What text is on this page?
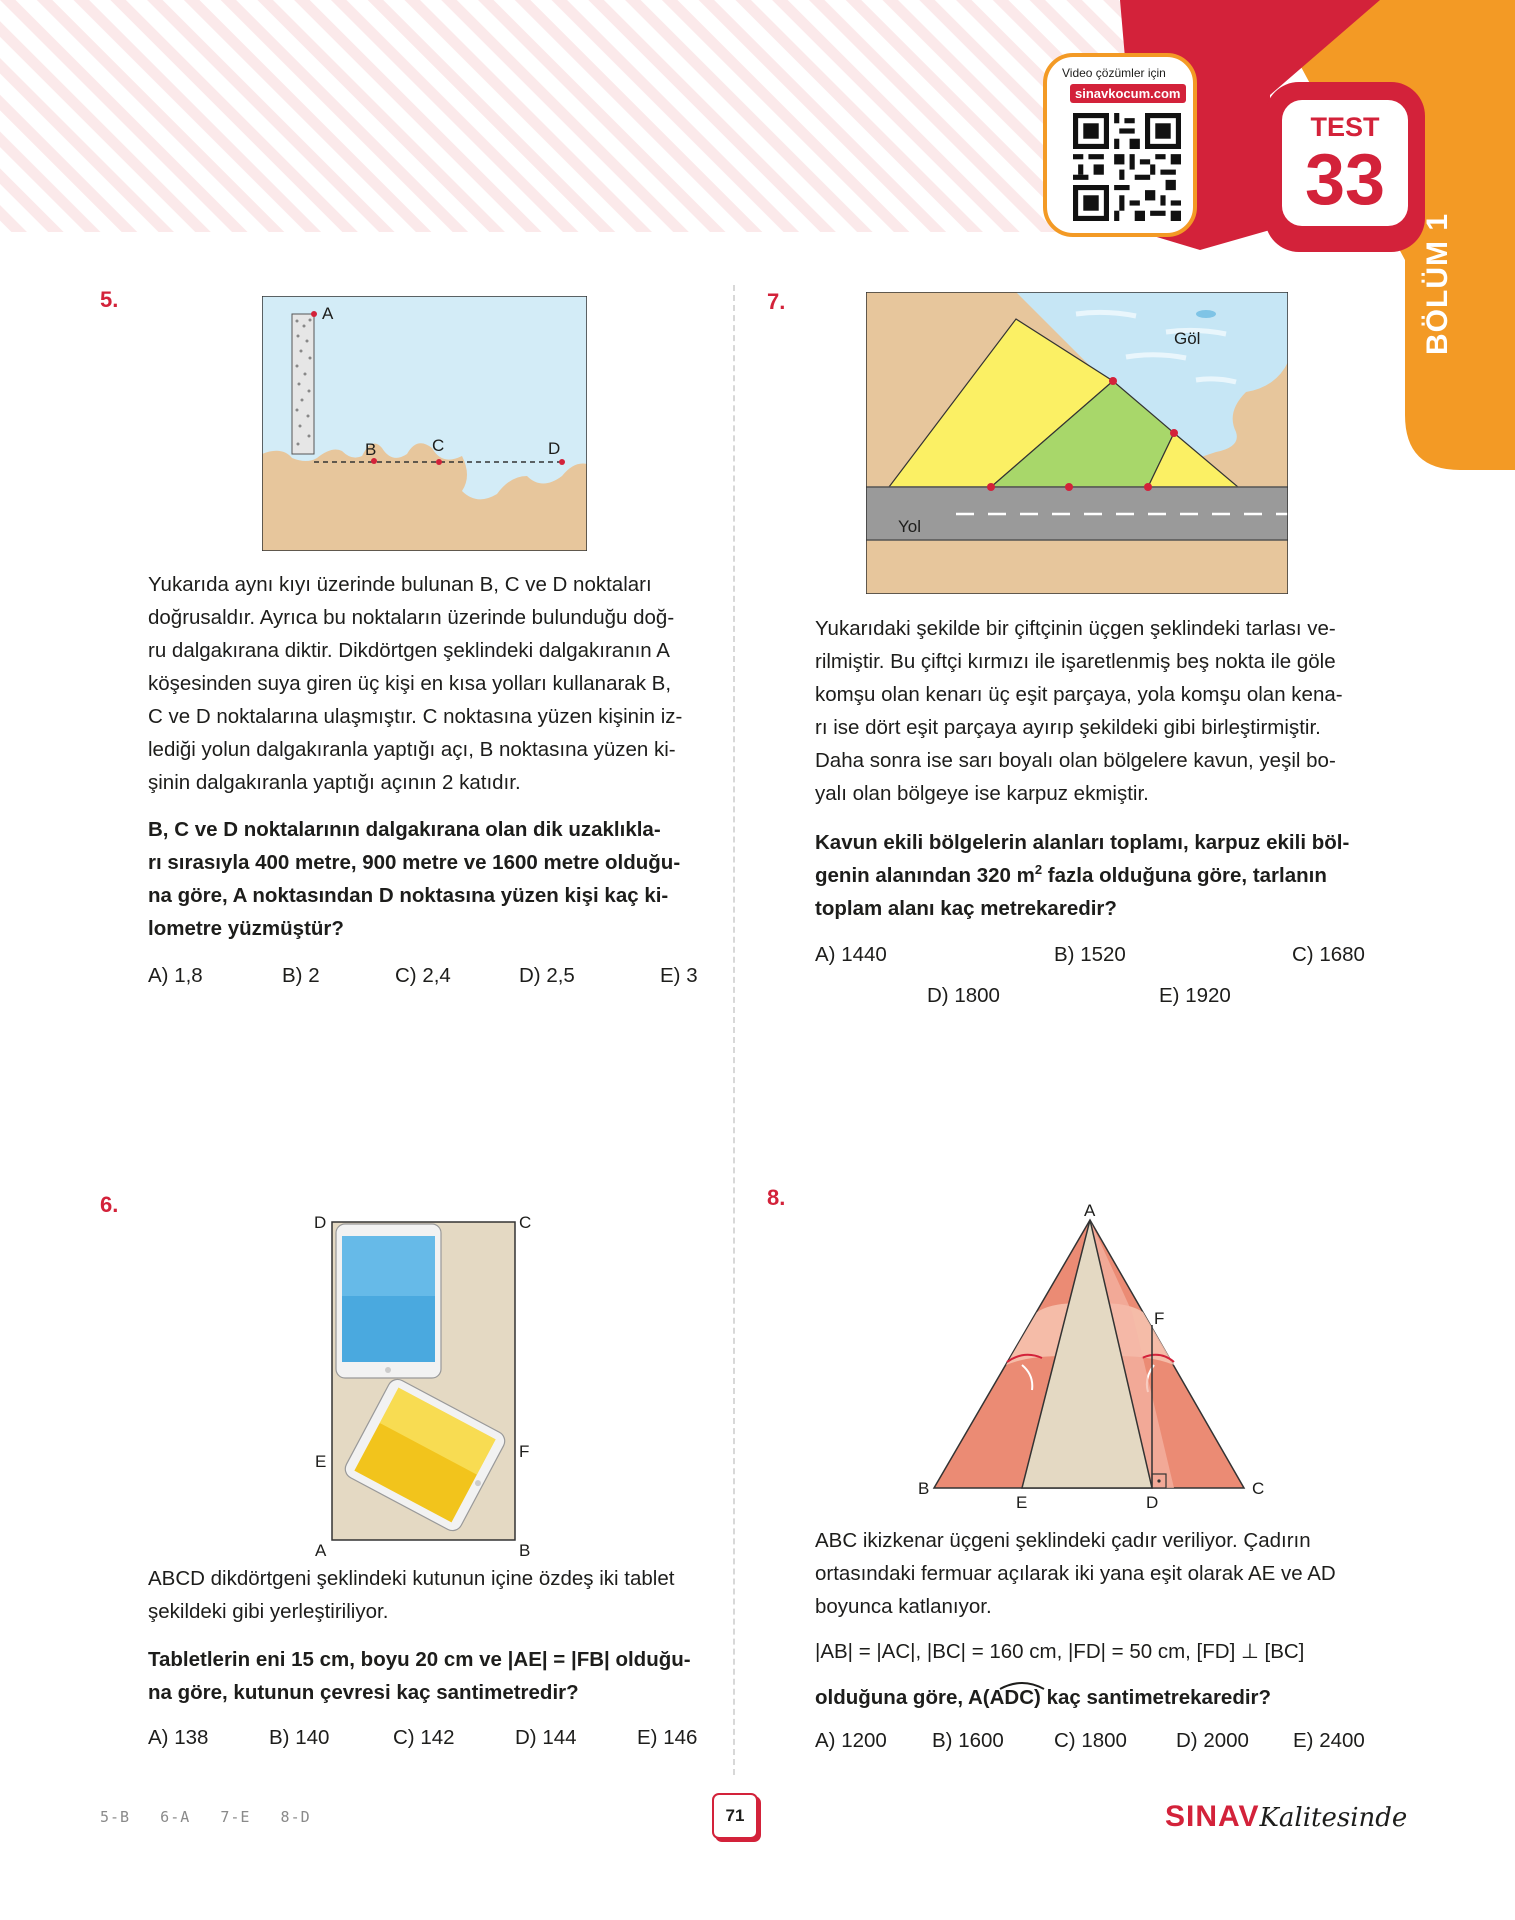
Video çözümler için
sinavkocum.com
TEST
33
BÖLÜM 1
5.
A
B	C	D
Yukarıda aynı kıyı üzerinde bulunan B, C ve D noktaları
doğrusaldır. Ayrıca bu noktaların üzerinde bulunduğu doğ-
ru dalgakırana diktir. Dikdörtgen şeklindeki dalgakıranın A
köşesinden suya giren üç kişi en kısa yolları kullanarak B,
C ve D noktalarına ulaşmıştır. C noktasına yüzen kişinin iz-
lediği yolun dalgakıranla yaptığı açı, B noktasına yüzen ki-
şinin dalgakıranla yaptığı açının 2 katıdır.
B, C ve D noktalarının dalgakırana olan dik uzaklıkla-
rı sırasıyla 400 metre, 900 metre ve 1600 metre olduğu-
na göre, A noktasından D noktasına yüzen kişi kaç ki-
lometre yüzmüştür?
A) 1,8	B) 2	C) 2,4	D) 2,5	E) 3
7.
Göl
Yol
Yukarıdaki şekilde bir çiftçinin üçgen şeklindeki tarlası ve-
rilmiştir. Bu çiftçi kırmızı ile işaretlenmiş beş nokta ile göle
komşu olan kenarı üç eşit parçaya, yola komşu olan kena-
rı ise dört eşit parçaya ayırıp şekildeki gibi birleştirmiştir.
Daha sonra ise sarı boyalı olan bölgelere kavun, yeşil bo-
yalı olan bölgeye ise karpuz ekmiştir.
Kavun ekili bölgelerin alanları toplamı, karpuz ekili böl-
genin alanından 320 $m^2$ fazla olduğuna göre, tarlanın
toplam alanı kaç metrekaredir?
A) 1440	B) 1520	C) 1680
D) 1800	E) 1920
6.
D	C
E
F
A	B
ABCD dikdörtgeni şeklindeki kutunun içine özdeş iki tablet
şekildeki gibi yerleştiriliyor.
Tabletlerin eni 15 cm, boyu 20 cm ve |AE| = |FB| olduğu-
na göre, kutunun çevresi kaç santimetredir?
A) 138	B) 140	C) 142	D) 144	E) 146
8.
A
F
B
E	D
C
ABC ikizkenar üçgeni şeklindeki çadır veriliyor. Çadırın
ortasındaki fermuar açılarak iki yana eşit olarak AE ve AD
boyunca katlanıyor.
|AB| = |AC|, |BC| = 160 cm, |FD| = 50 cm, [FD] ⊥ [BC]
olduğuna göre, A(ADC) kaç santimetrekaredir?
A) 1200 B) 1600 C) 1800 D) 2000 E) 2400
5-B   6-A   7-E   8-D	71	SINAVKalitesinde
